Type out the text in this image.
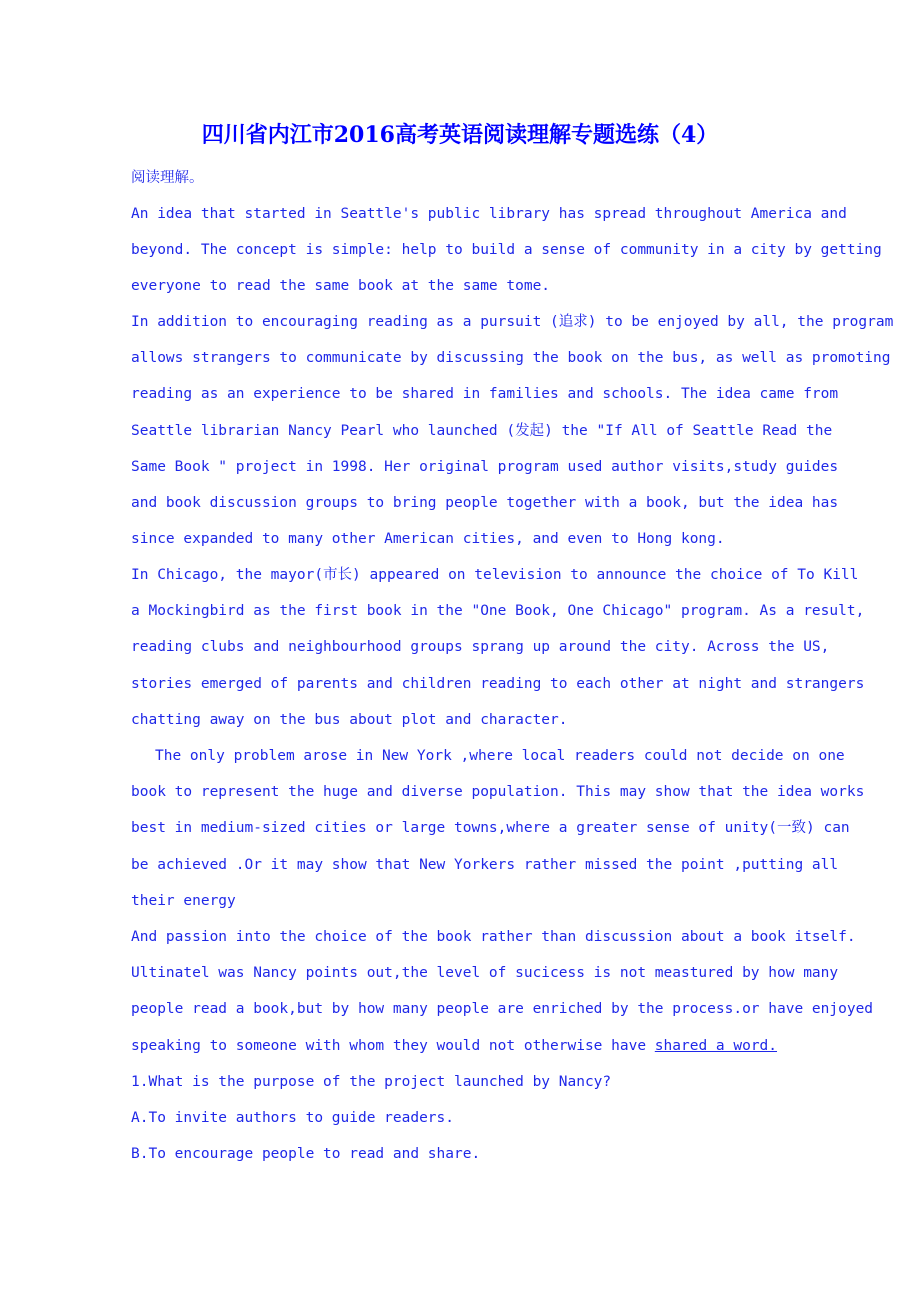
四川省内江市2016高考英语阅读理解专题选练（4）
阅读理解。
An idea that started in Seattle's public library has spread throughout America and
beyond. The concept is simple: help to build a sense of community in a city by getting
everyone to read the same book at the same tome.
In addition to encouraging reading as a pursuit (追求) to be enjoyed by all, the program
allows strangers to communicate by discussing the book on the bus, as well as promoting
reading as an experience to be shared in families and schools. The idea came from
Seattle librarian Nancy Pearl who launched (发起) the "If All of Seattle Read the
Same Book " project in 1998. Her original program used author visits,study guides
and book discussion groups to bring people together with a book, but the idea has
since expanded to many other American cities, and even to Hong kong.
In Chicago, the mayor(市长) appeared on television to announce the choice of To Kill
a Mockingbird as the first book in the "One Book, One Chicago" program. As a result,
reading clubs and neighbourhood groups sprang up around the city. Across the US,
stories emerged of parents and children reading to each other at night and strangers
chatting away on the bus about plot and character.
The only problem arose in New York ,where local readers could not decide on one
book to represent the huge and diverse population. This may show that the idea works
best in medium-sized cities or large towns,where a greater sense of unity(一致) can
be achieved .Or it may show that New Yorkers rather missed the point ,putting all
their energy
And passion into the choice of the book rather than discussion about a book itself.
Ultinatel was Nancy points out,the level of sucicess is not meastured by how many
people read a book,but by how many people are enriched by the process.or have enjoyed
speaking to someone with whom they would not otherwise have shared a word.
1.What is the purpose of the project launched by Nancy?
A.To invite authors to guide readers.
B.To encourage people to read and share.
